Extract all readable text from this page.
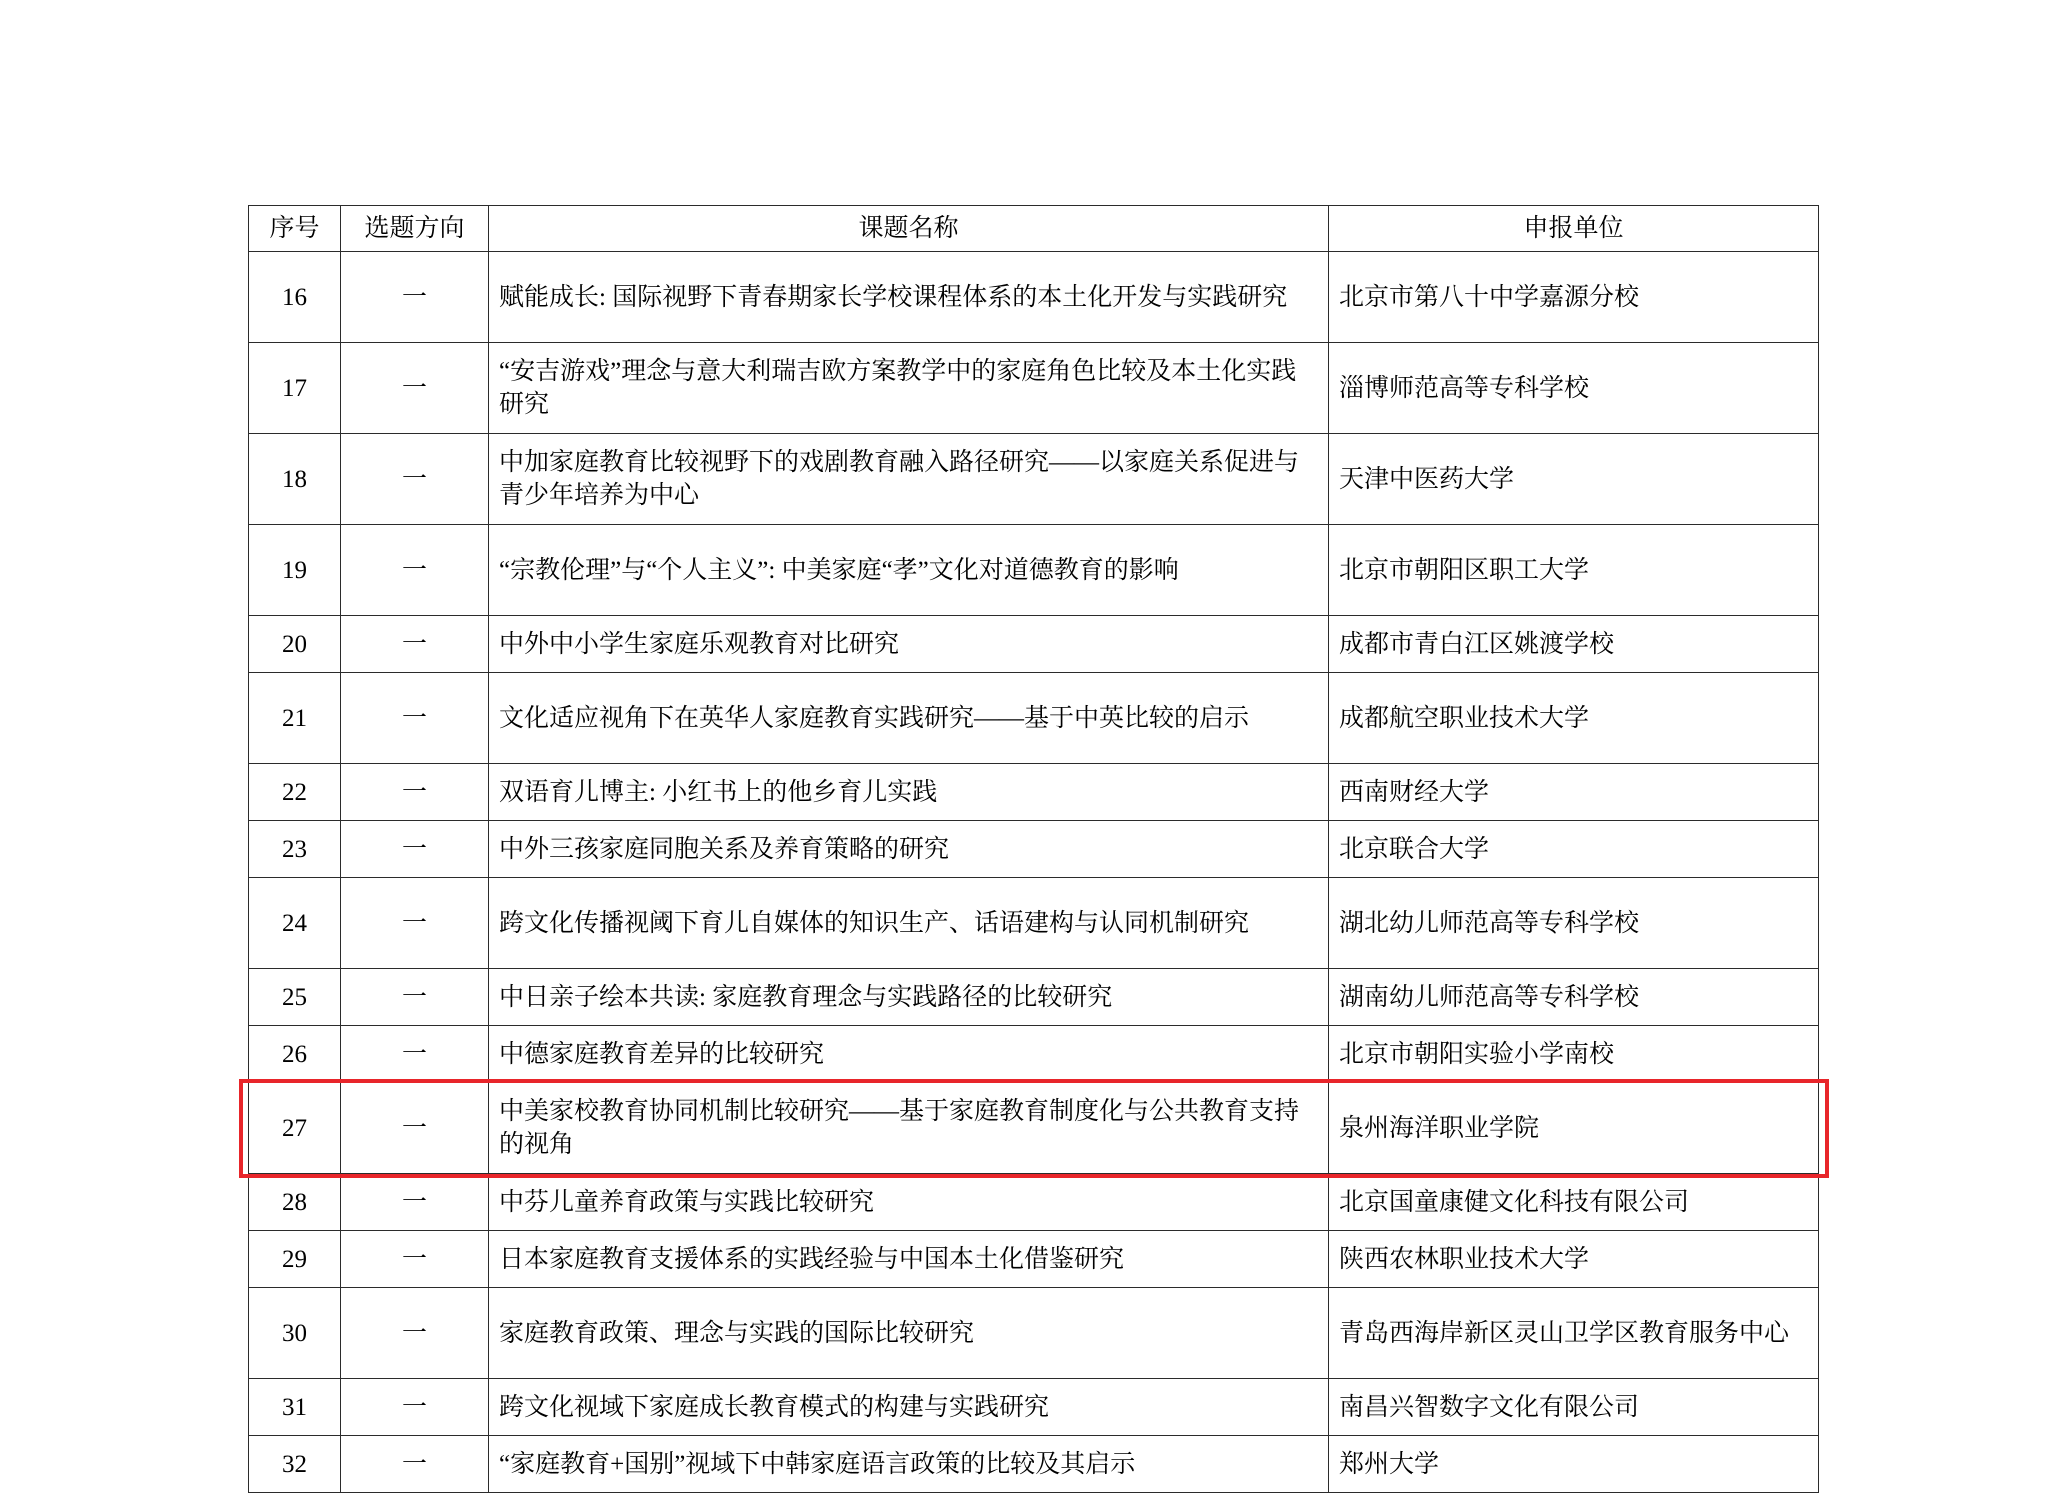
序号	选题方向	课题名称	申报单位
16	一	赋能成长: 国际视野下青春期家长学校课程体系的本土化开发与实践研究	北京市第八十中学嘉源分校
17	一	“安吉游戏”理念与意大利瑞吉欧方案教学中的家庭角色比较及本土化实践研究	淄博师范高等专科学校
18	一	中加家庭教育比较视野下的戏剧教育融入路径研究——以家庭关系促进与青少年培养为中心	天津中医药大学
19	一	“宗教伦理”与“个人主义”: 中美家庭“孝”文化对道德教育的影响	北京市朝阳区职工大学
20	一	中外中小学生家庭乐观教育对比研究	成都市青白江区姚渡学校
21	一	文化适应视角下在英华人家庭教育实践研究——基于中英比较的启示	成都航空职业技术大学
22	一	双语育儿博主: 小红书上的他乡育儿实践	西南财经大学
23	一	中外三孩家庭同胞关系及养育策略的研究	北京联合大学
24	一	跨文化传播视阈下育儿自媒体的知识生产、话语建构与认同机制研究	湖北幼儿师范高等专科学校
25	一	中日亲子绘本共读: 家庭教育理念与实践路径的比较研究	湖南幼儿师范高等专科学校
26	一	中德家庭教育差异的比较研究	北京市朝阳实验小学南校
27	一	中美家校教育协同机制比较研究——基于家庭教育制度化与公共教育支持的视角	泉州海洋职业学院
28	一	中芬儿童养育政策与实践比较研究	北京国童康健文化科技有限公司
29	一	日本家庭教育支援体系的实践经验与中国本土化借鉴研究	陕西农林职业技术大学
30	一	家庭教育政策、理念与实践的国际比较研究	青岛西海岸新区灵山卫学区教育服务中心
31	一	跨文化视域下家庭成长教育模式的构建与实践研究	南昌兴智数字文化有限公司
32	一	“家庭教育+国别”视域下中韩家庭语言政策的比较及其启示	郑州大学
